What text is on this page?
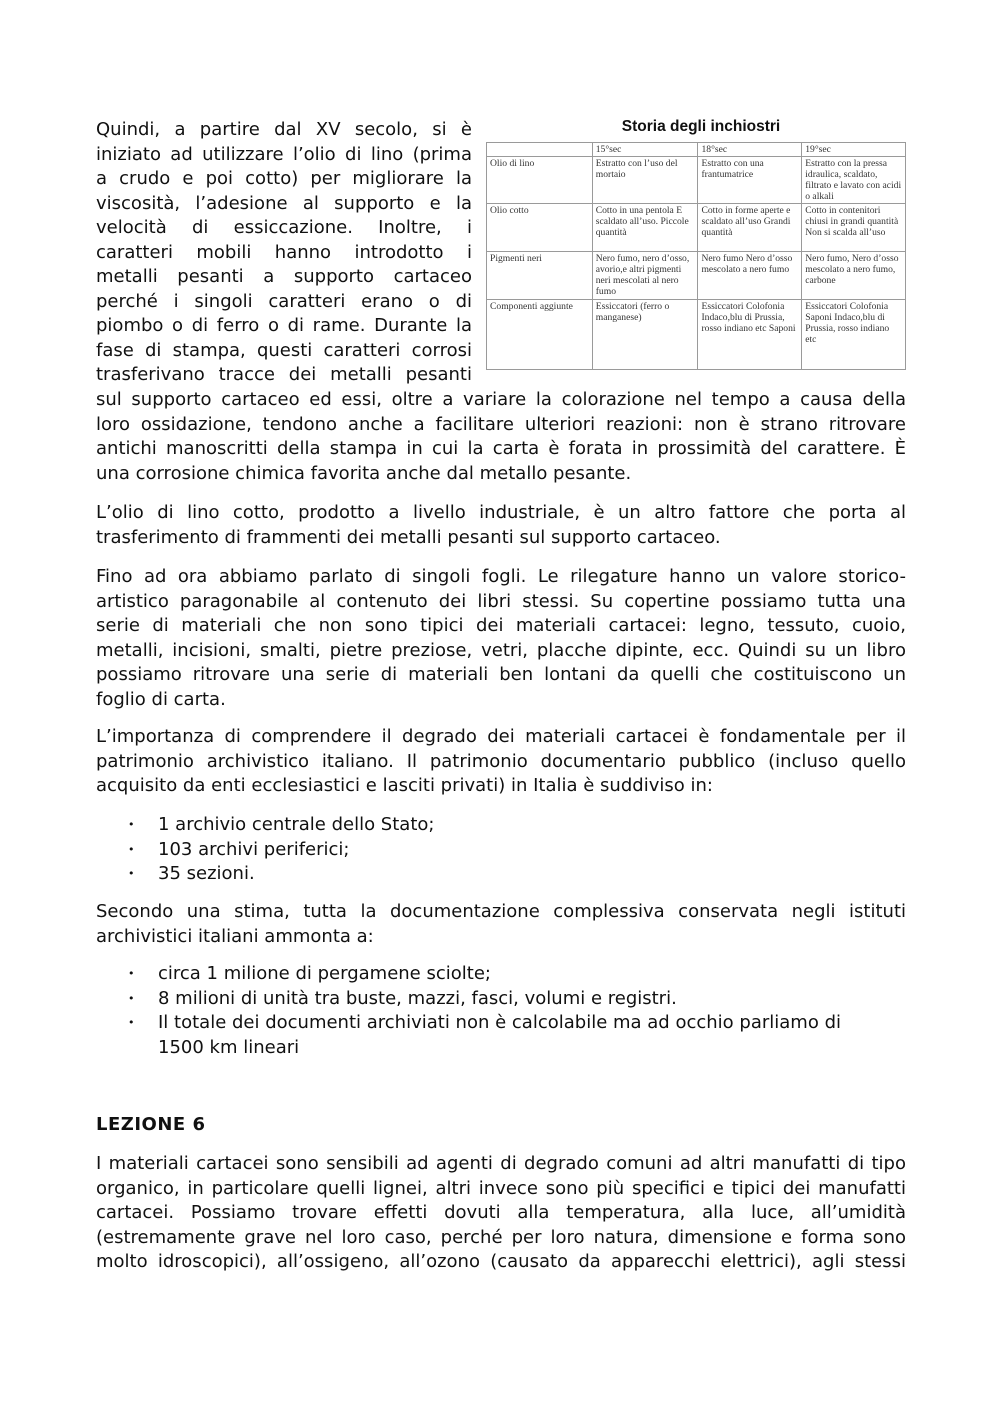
Quindi, a partire dal XV secolo, si è
iniziato ad utilizzare l’olio di lino (prima
a crudo e poi cotto) per migliorare la
viscosità, l’adesione al supporto e la
velocità di essiccazione. Inoltre, i
caratteri mobili hanno introdotto i
metalli pesanti a supporto cartaceo
perché i singoli caratteri erano o di
piombo o di ferro o di rame. Durante la
fase di stampa, questi caratteri corrosi
trasferivano tracce dei metalli pesanti
Storia degli inchiostri
	15°sec	18°sec	19°sec
Olio di lino	Estratto con l’uso del mortaio	Estratto con una frantumatrice	Estratto con la pressa idraulica, scaldato, filtrato e lavato con acidi o alkali
Olio cotto	Cotto in una pentola E scaldato all’uso. Piccole quantità	Cotto in forme aperte e scaldato all’uso Grandi quantità	Cotto in contenitori chiusi in grandi quantità Non si scalda all’uso
Pigmenti neri	Nero fumo, nero d’osso, avorio,e altri pigmenti neri mescolati al nero fumo	Nero fumo Nero d’osso mescolato a nero fumo	Nero fumo, Nero d’osso mescolato a nero fumo, carbone
Componenti aggiunte	Essiccatori (ferro o manganese)	Essiccatori Colofonia Indaco,blu di Prussia, rosso indiano etc Saponi	Essiccatori Colofonia Saponi Indaco,blu di Prussia, rosso indiano etc
sul supporto cartaceo ed essi, oltre a variare la colorazione nel tempo a causa della
loro ossidazione, tendono anche a facilitare ulteriori reazioni: non è strano ritrovare
antichi manoscritti della stampa in cui la carta è forata in prossimità del carattere. È
una corrosione chimica favorita anche dal metallo pesante.
L’olio di lino cotto, prodotto a livello industriale, è un altro fattore che porta al
trasferimento di frammenti dei metalli pesanti sul supporto cartaceo.
Fino ad ora abbiamo parlato di singoli fogli. Le rilegature hanno un valore storico-
artistico paragonabile al contenuto dei libri stessi. Su copertine possiamo tutta una
serie di materiali che non sono tipici dei materiali cartacei: legno, tessuto, cuoio,
metalli, incisioni, smalti, pietre preziose, vetri, placche dipinte, ecc. Quindi su un libro
possiamo ritrovare una serie di materiali ben lontani da quelli che costituiscono un
foglio di carta.
L’importanza di comprendere il degrado dei materiali cartacei è fondamentale per il
patrimonio archivistico italiano. Il patrimonio documentario pubblico (incluso quello
acquisito da enti ecclesiastici e lasciti privati) in Italia è suddiviso in:
• 1 archivio centrale dello Stato;
• 103 archivi periferici;
• 35 sezioni.
Secondo una stima, tutta la documentazione complessiva conservata negli istituti
archivistici italiani ammonta a:
• circa 1 milione di pergamene sciolte;
• 8 milioni di unità tra buste, mazzi, fasci, volumi e registri.
• Il totale dei documenti archiviati non è calcolabile ma ad occhio parliamo di
1500 km lineari
LEZIONE 6
I materiali cartacei sono sensibili ad agenti di degrado comuni ad altri manufatti di tipo
organico, in particolare quelli lignei, altri invece sono più specifici e tipici dei manufatti
cartacei. Possiamo trovare effetti dovuti alla temperatura, alla luce, all’umidità
(estremamente grave nel loro caso, perché per loro natura, dimensione e forma sono
molto idroscopici), all’ossigeno, all’ozono (causato da apparecchi elettrici), agli stessi
